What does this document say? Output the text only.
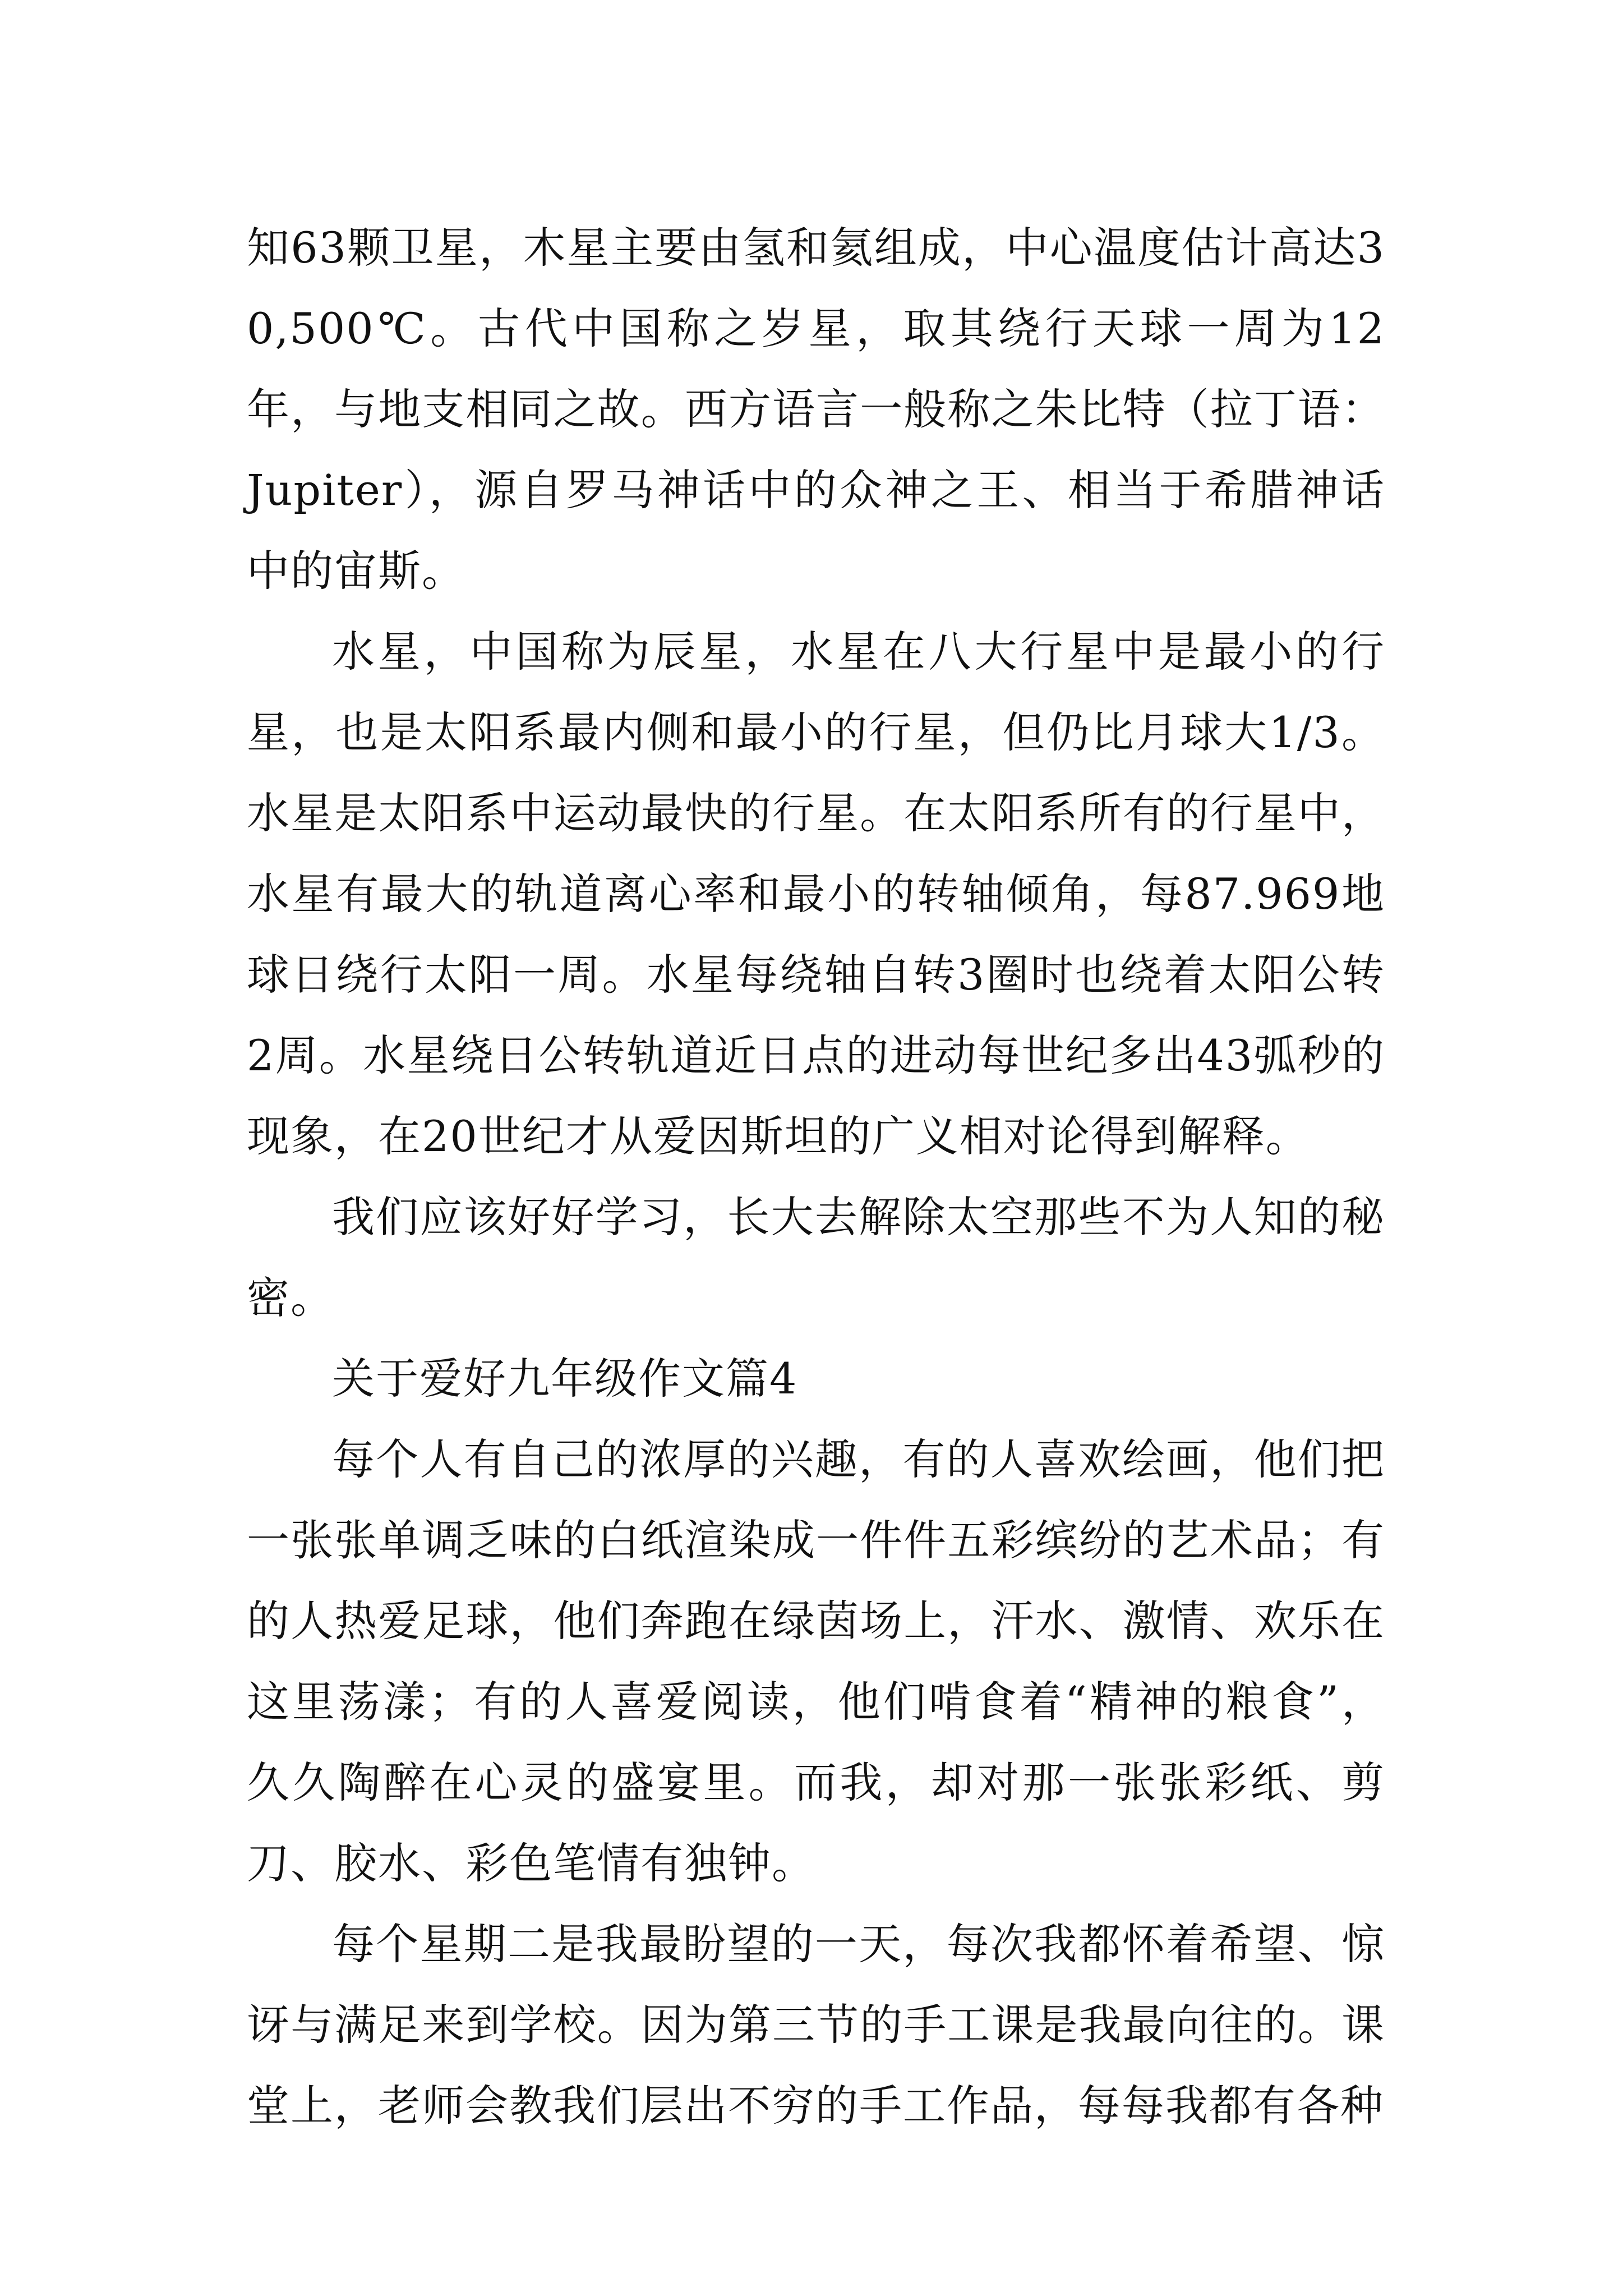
知63颗卫星，木星主要由氢和氦组成，中心温度估计高达30,500℃。古代中国称之岁星，取其绕行天球一周为12年，与地支相同之故。西方语言一般称之朱比特（拉丁语：Jupiter），源自罗马神话中的众神之王、相当于希腊神话中的宙斯。

水星，中国称为辰星，水星在八大行星中是最小的行星，也是太阳系最内侧和最小的行星，但仍比月球大1/3。水星是太阳系中运动最快的行星。在太阳系所有的行星中，水星有最大的轨道离心率和最小的转轴倾角，每87.969地球日绕行太阳一周。水星每绕轴自转3圈时也绕着太阳公转2周。水星绕日公转轨道近日点的进动每世纪多出43弧秒的现象，在20世纪才从爱因斯坦的广义相对论得到解释。

我们应该好好学习，长大去解除太空那些不为人知的秘密。

关于爱好九年级作文篇4

每个人有自己的浓厚的兴趣，有的人喜欢绘画，他们把一张张单调乏味的白纸渲染成一件件五彩缤纷的艺术品；有的人热爱足球，他们奔跑在绿茵场上，汗水、激情、欢乐在这里荡漾；有的人喜爱阅读，他们啃食着“精神的粮食”，久久陶醉在心灵的盛宴里。而我，却对那一张张彩纸、剪刀、胶水、彩色笔情有独钟。

每个星期二是我最盼望的一天，每次我都怀着希望、惊讶与满足来到学校。因为第三节的手工课是我最向往的。课堂上，老师会教我们层出不穷的手工作品，每每我都有各种
